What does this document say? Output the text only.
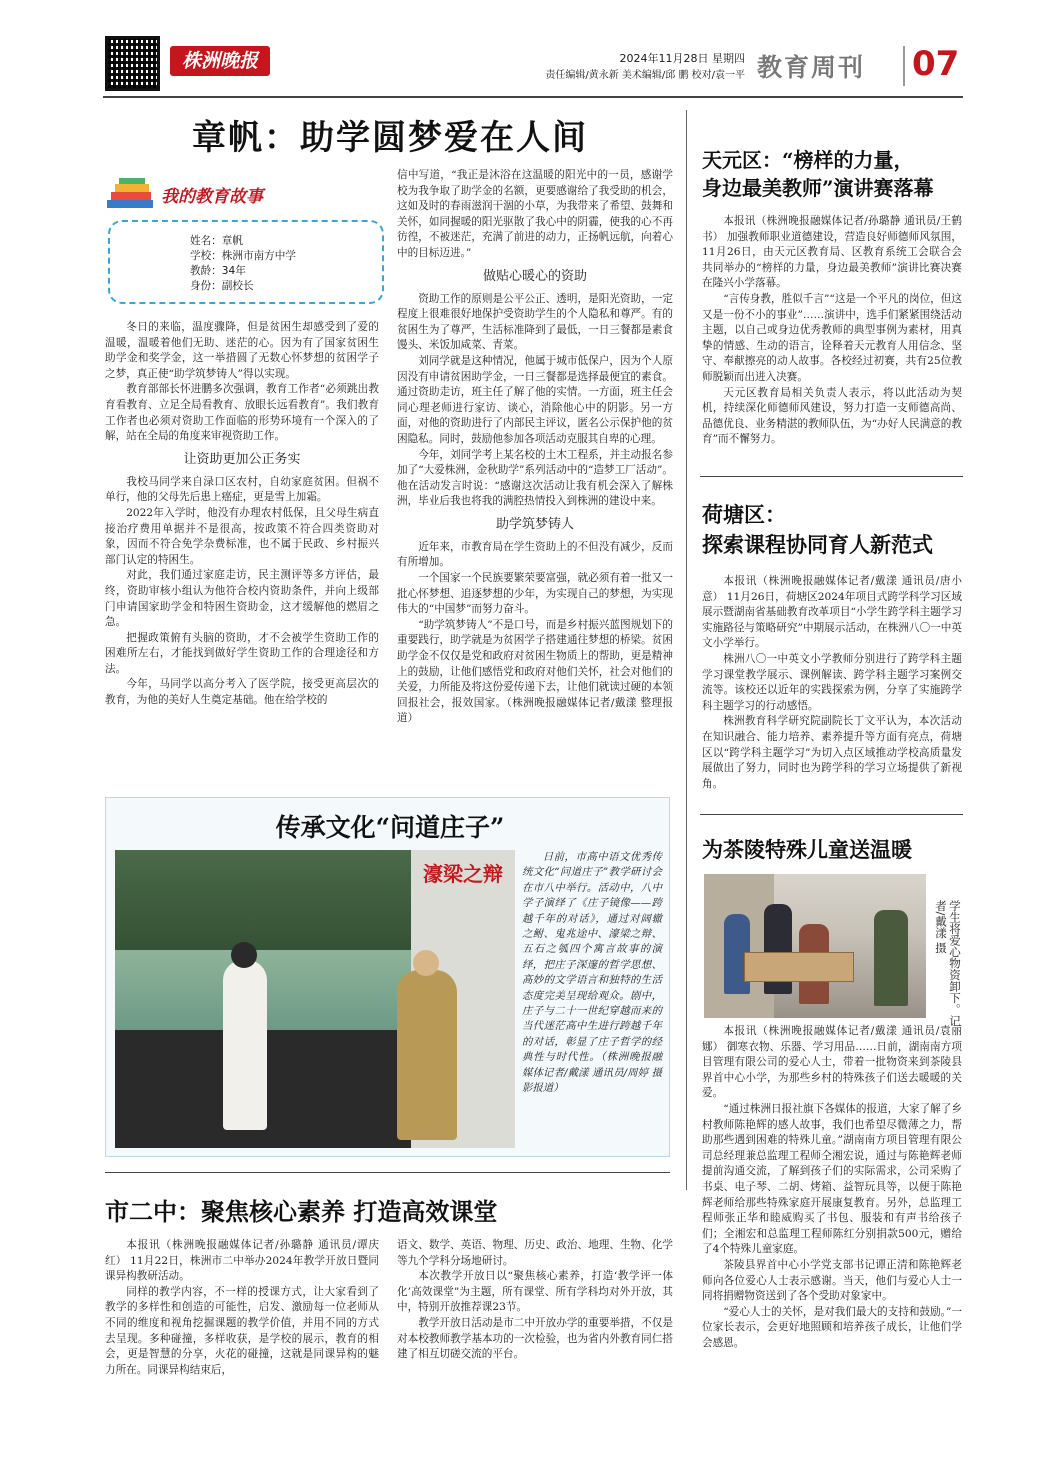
株洲晚报	2024年11月28日 星期四
责任编辑/黄永新 美术编辑/邱 鹏 校对/袁一平 教育周刊 07
章帆：助学圆梦爱在人间
我的教育故事
姓名：章帆
学校：株洲市南方中学
教龄：34年
身份：副校长

冬日的来临，温度骤降，但是贫困生却感受到了爱的温暖，温暖着他们无助、迷茫的心。因为有了国家贫困生助学金和奖学金，这一举措圆了无数心怀梦想的贫困学子之梦，真正使“助学筑梦铸人”得以实现。

教育部部长怀进鹏多次强调，教育工作者“必须跳出教育看教育、立足全局看教育、放眼长远看教育”。我们教育工作者也必须对资助工作面临的形势环境有一个深入的了解，站在全局的角度来审视资助工作。

让资助更加公正务实

我校马同学来自渌口区农村，自幼家庭贫困。但祸不单行，他的父母先后患上癌症，更是雪上加霜。

2022年入学时，他没有办理农村低保，且父母生病直接治疗费用单据并不是很高，按政策不符合四类资助对象，因而不符合免学杂费标准，也不属于民政、乡村振兴部门认定的特困生。

对此，我们通过家庭走访，民主测评等多方评估，最终，资助审核小组认为他符合校内资助条件，并向上级部门申请国家助学金和特困生资助金，这才缓解他的燃眉之急。

把握政策俯有头脑的资助，才不会被学生资助工作的困难所左右，才能找到做好学生资助工作的合理途径和方法。

今年，马同学以高分考入了医学院，接受更高层次的教育，为他的美好人生奠定基础。他在给学校的

信中写道，“我正是沐浴在这温暖的阳光中的一员，感谢学校为我争取了助学金的名额，更要感谢给了我受助的机会，这如及时的春雨滋润干涸的小草，为我带来了希望、鼓舞和关怀，如同握暖的阳光驱散了我心中的阴霾，使我的心不再彷徨，不被迷茫，充满了前进的动力，正扬帆远航，向着心中的目标迈进。”

做贴心暖心的资助

资助工作的原则是公平公正、透明，是阳光资助，一定程度上很难很好地保护受资助学生的个人隐私和尊严。有的贫困生为了尊严，生活标准降到了最低，一日三餐都是素食馒头、米饭加咸菜、青菜。

刘同学就是这种情况，他属于城市低保户，因为个人原因没有申请贫困助学金，一日三餐都是选择最便宜的素食。通过资助走访，班主任了解了他的实情。一方面，班主任会同心理老师进行家访、谈心，消除他心中的阴影。另一方面，对他的资助进行了内部民主评议，匿名公示保护他的贫困隐私。同时，鼓励他参加各项活动克服其自卑的心理。

今年，刘同学考上某名校的土木工程系，并主动报名参加了“大爱株洲，金秋助学”系列活动中的“造梦工厂活动”。他在活动发言时说：“感谢这次活动让我有机会深入了解株洲，毕业后我也将我的满腔热情投入到株洲的建设中来。

助学筑梦铸人

近年来，市教育局在学生资助上的不但没有减少，反而有所增加。

一个国家一个民族要繁荣要富强，就必须有着一批又一批心怀梦想、追逐梦想的少年，为实现自己的梦想，为实现伟大的“中国梦”而努力奋斗。

“助学筑梦铸人”不是口号，而是乡村振兴蓝图规划下的重要践行，助学就是为贫困学子搭建通往梦想的桥梁。贫困助学金不仅仅是党和政府对贫困生物质上的帮助，更是精神上的鼓励，让他们感悟党和政府对他们关怀，社会对他们的关爱，力所能及将这份爱传递下去，让他们就读过硬的本领回报社会，报效国家。（株洲晚报融媒体记者/戴漾 整理报道）

天元区：“榜样的力量，
身边最美教师”演讲赛落幕

本报讯（株洲晚报融媒体记者/孙璐静 通讯员/王鹤书） 加强教师职业道德建设，营造良好师德师风氛围，11月26日，由天元区教育局、区教育系统工会联合会共同举办的“榜样的力量，身边最美教师”演讲比赛决赛在隆兴小学落幕。

“言传身教，胜似千言”“这是一个平凡的岗位，但这又是一份不小的事业”……演讲中，选手们紧紧围绕活动主题，以自己或身边优秀教师的典型事例为素材，用真挚的情感、生动的语言，诠释着天元教育人用信念、坚守、奉献擦亮的动人故事。各校经过初赛，共有25位教师脱颖而出进入决赛。

天元区教育局相关负责人表示，将以此活动为契机，持续深化师德师风建设，努力打造一支师德高尚、品德优良、业务精湛的教师队伍，为“办好人民满意的教育”而不懈努力。

荷塘区：
探索课程协同育人新范式

本报讯（株洲晚报融媒体记者/戴漾 通讯员/唐小意） 11月26日，荷塘区2024年项目式跨学科学习区域展示暨湖南省基础教育改革项目“小学生跨学科主题学习实施路径与策略研究”中期展示活动，在株洲八〇一中英文小学举行。

株洲八〇一中英文小学教师分别进行了跨学科主题学习课堂教学展示、课例解读、跨学科主题学习案例交流等。该校还以近年的实践探索为例，分享了实施跨学科主题学习的行动感悟。

株洲教育科学研究院副院长丁文平认为，本次活动在知识融合、能力培养、素养提升等方面有亮点，荷塘区以“跨学科主题学习”为切入点区域推动学校高质量发展做出了努力，同时也为跨学科的学习立场提供了新视角。

为茶陵特殊儿童送温暖
学生将爱心物资卸下。记者/戴漾 摄

本报讯（株洲晚报融媒体记者/戴漾 通讯员/袁丽娜） 御寒衣物、乐器、学习用品……日前，湖南南方项目管理有限公司的爱心人士，带着一批物资来到茶陵县界首中心小学，为那些乡村的特殊孩子们送去暖暖的关爱。

“通过株洲日报社旗下各媒体的报道，大家了解了乡村教师陈艳辉的感人故事，我们也希望尽微薄之力，帮助那些遇到困难的特殊儿童。”湖南南方项目管理有限公司总经理兼总监理工程师仝湘宏说，通过与陈艳辉老师提前沟通交流，了解到孩子们的实际需求，公司采购了书桌、电子琴、二胡、烤箱、益智玩具等，以便于陈艳辉老师给那些特殊家庭开展康复教育。另外，总监理工程师张正华和睦威购买了书包、服装和有声书给孩子们；全湘宏和总监理工程师陈红分别捐款500元，赠给了4个特殊儿童家庭。

茶陵县界首中心小学党支部书记谭正清和陈艳辉老师向各位爱心人士表示感谢。当天，他们与爱心人士一同将捐赠物资送到了各个受助对象家中。

“爱心人士的关怀，是对我们最大的支持和鼓励。”一位家长表示，会更好地照顾和培养孩子成长，让他们学会感恩。

传承文化“问道庄子”
濠梁之辩
日前，市高中语文优秀传统文化“问道庄子”教学研讨会在市八中举行。活动中，八中学子演绎了《庄子镜像——跨越千年的对话》，通过对阔辙之鲋、鬼兆途中、濠梁之辩、五石之瓠四个寓言故事的演绎，把庄子深邃的哲学思想、高妙的文学语言和独特的生活态度完美呈现给观众。剧中，庄子与二十一世纪穿越而来的当代迷茫高中生进行跨越千年的对话，彰显了庄子哲学的经典性与时代性。（株洲晚报融媒体记者/戴漾 通讯员/周婷 摄影报道）
市二中：聚焦核心素养 打造高效课堂

本报讯（株洲晚报融媒体记者/孙璐静 通讯员/谭庆红） 11月22日，株洲市二中举办2024年教学开放日暨同课异构教研活动。

同样的教学内容，不一样的授课方式，让大家看到了教学的多样性和创造的可能性，启发、激励每一位老师从不同的维度和视角挖掘课题的教学价值，并用不同的方式去呈现。多种碰撞，多样收获，是学校的展示，教育的相会，更是智慧的分享，火花的碰撞，这就是同课异构的魅力所在。同课异构结束后，

语文、数学、英语、物理、历史、政治、地理、生物、化学等九个学科分场地研讨。

本次教学开放日以“聚焦核心素养，打造‘教学评一体化’高效课堂”为主题，所有课堂、所有学科均对外开放，其中，特别开放推荐课23节。

教学开放日活动是市二中开放办学的重要举措，不仅是对本校教师教学基本功的一次检验，也为省内外教育同仁搭建了相互切磋交流的平台。
